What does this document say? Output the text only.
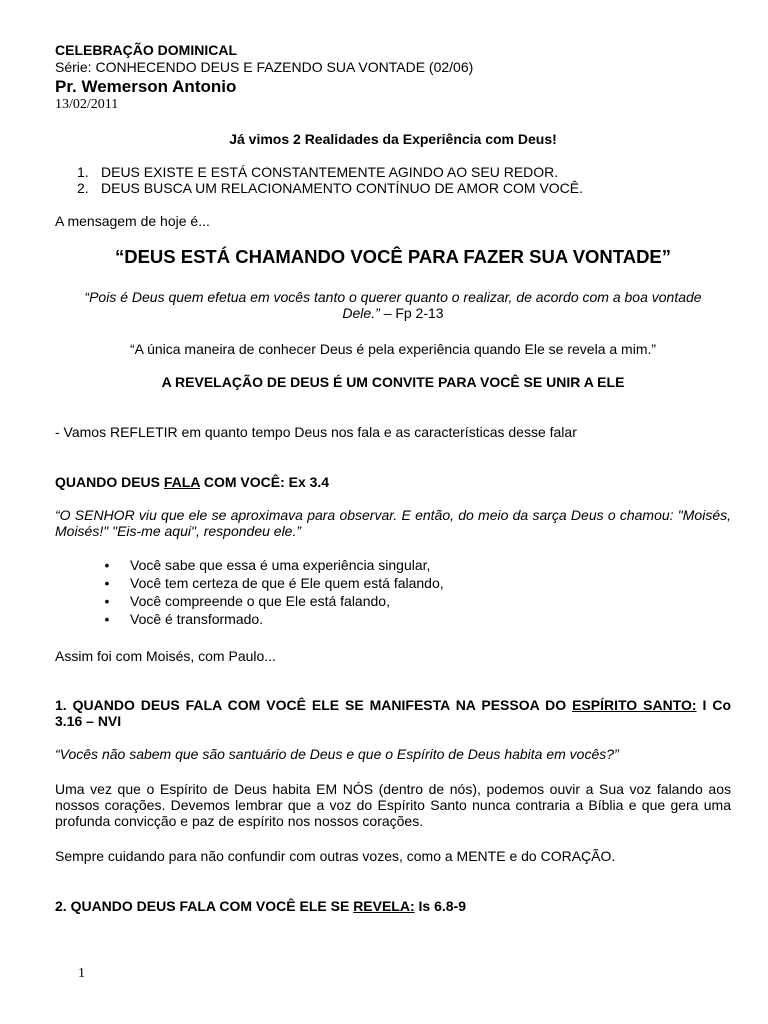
CELEBRAÇÃO DOMINICAL
Série: CONHECENDO DEUS E FAZENDO SUA VONTADE (02/06)
Pr. Wemerson Antonio
13/02/2011
Já vimos 2 Realidades da Experiência com Deus!
1. DEUS EXISTE E ESTÁ CONSTANTEMENTE AGINDO AO SEU REDOR.
2. DEUS BUSCA UM RELACIONAMENTO CONTÍNUO DE AMOR COM VOCÊ.
A mensagem de hoje é...
“DEUS ESTÁ CHAMANDO VOCÊ PARA FAZER SUA VONTADE”
“Pois é Deus quem efetua em vocês tanto o querer quanto o realizar, de acordo com a boa vontade Dele.” – Fp 2-13
“A única maneira de conhecer Deus é pela experiência quando Ele se revela a mim.”
A REVELAÇÃO DE DEUS É UM CONVITE PARA VOCÊ SE UNIR A ELE
- Vamos REFLETIR em quanto tempo Deus nos fala e as características desse falar
QUANDO DEUS FALA COM VOCÊ: Ex 3.4
“O SENHOR viu que ele se aproximava para observar. E então, do meio da sarça Deus o chamou: "Moisés, Moisés!" "Eis-me aqui", respondeu ele.”
• Você sabe que essa é uma experiência singular,
• Você tem certeza de que é Ele quem está falando,
• Você compreende o que Ele está falando,
• Você é transformado.
Assim foi com Moisés, com Paulo...
1. QUANDO DEUS FALA COM VOCÊ ELE SE MANIFESTA NA PESSOA DO ESPÍRITO SANTO: I Co 3.16 – NVI
“Vocês não sabem que são santuário de Deus e que o Espírito de Deus habita em vocês?”
Uma vez que o Espírito de Deus habita EM NÓS (dentro de nós), podemos ouvir a Sua voz falando aos nossos corações. Devemos lembrar que a voz do Espírito Santo nunca contraria a Bíblia e que gera uma profunda convicção e paz de espírito nos nossos corações.
Sempre cuidando para não confundir com outras vozes, como a MENTE e do CORAÇÃO.
2. QUANDO DEUS FALA COM VOCÊ ELE SE REVELA: Is 6.8-9
1
